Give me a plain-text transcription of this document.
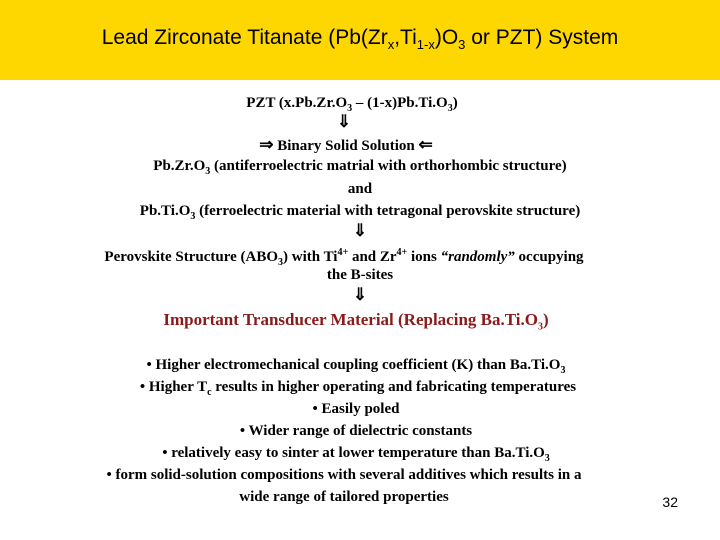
Lead Zirconate Titanate ($Pb(Zr_x,Ti_{1-x})O_3$ or PZT) System
PZT $(x.Pb.Zr.O_3 - (1-x)Pb.Ti.O_3)$
⇓
⇒ Binary Solid Solution ⇐
$Pb.Zr.O_3$ (antiferroelectric matrial with orthorhombic structure)
and
$Pb.Ti.O_3$ (ferroelectric material with tetragonal perovskite structure)
⇓
Perovskite Structure $(ABO_3)$ with $Ti^{4+}$ and $Zr^{4+}$ ions “randomly” occupying
the B-sites
⇓
Important Transducer Material (Replacing $Ba.Ti.O_3$)
• Higher electromechanical coupling coefficient (K) than $Ba.Ti.O_3$
• Higher $T_c$ results in higher operating and fabricating temperatures
• Easily poled
• Wider range of dielectric constants
• relatively easy to sinter at lower temperature than $Ba.Ti.O_3$
• form solid-solution compositions with several additives which results in a
wide range of tailored properties	32
